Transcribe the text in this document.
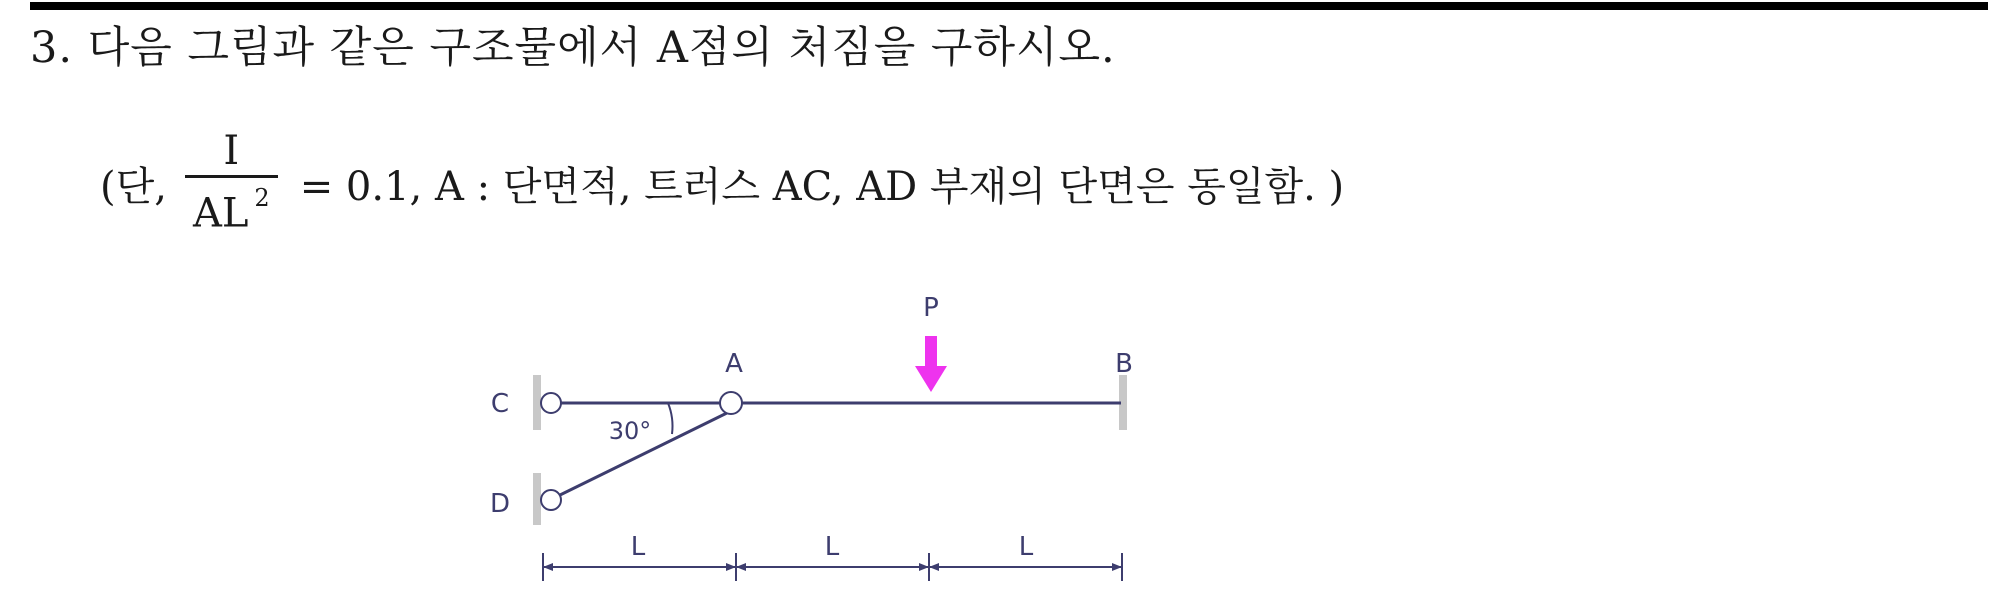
3. 다음 그림과 같은 구조물에서 A점의 처짐을 구하시오.
(단, $\frac{I}{AL ^2} = 0.1$, A : 단면적, 트러스 AC, AD 부재의 단면은 동일함. )
P
A	B
C
D
30°
L	L	L
